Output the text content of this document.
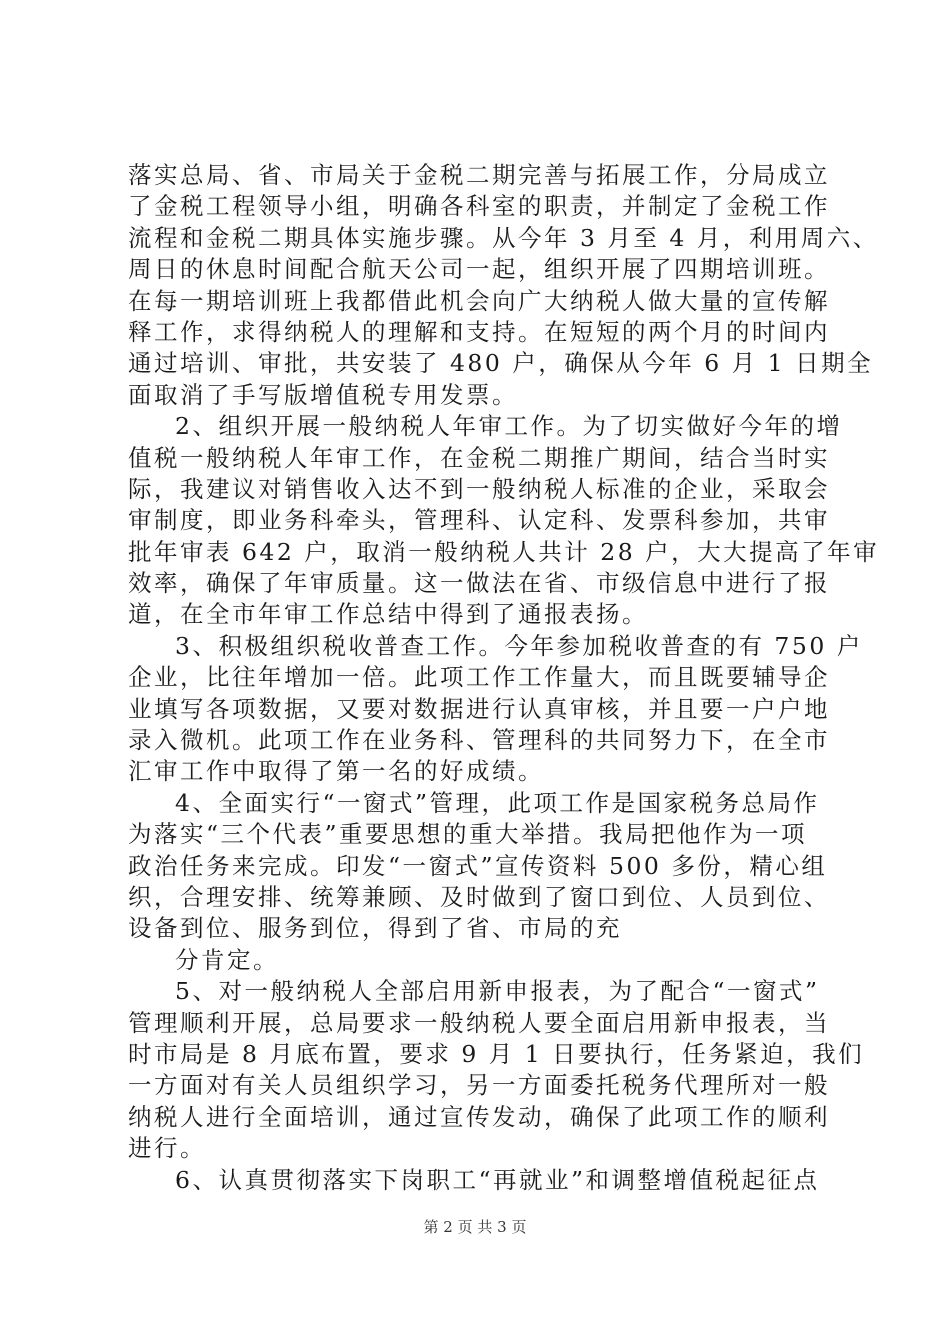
落实总局、省、市局关于金税二期完善与拓展工作，分局成立
了金税工程领导小组，明确各科室的职责，并制定了金税工作
流程和金税二期具体实施步骤。从今年 3 月至 4 月，利用周六、
周日的休息时间配合航天公司一起，组织开展了四期培训班。
在每一期培训班上我都借此机会向广大纳税人做大量的宣传解
释工作，求得纳税人的理解和支持。在短短的两个月的时间内
通过培训、审批，共安装了 480 户，确保从今年 6 月 1 日期全
面取消了手写版增值税专用发票。
2、组织开展一般纳税人年审工作。为了切实做好今年的增
值税一般纳税人年审工作，在金税二期推广期间，结合当时实
际，我建议对销售收入达不到一般纳税人标准的企业，采取会
审制度，即业务科牵头，管理科、认定科、发票科参加，共审
批年审表 642 户，取消一般纳税人共计 28 户，大大提高了年审
效率，确保了年审质量。这一做法在省、市级信息中进行了报
道，在全市年审工作总结中得到了通报表扬。
3、积极组织税收普查工作。今年参加税收普查的有 750 户
企业，比往年增加一倍。此项工作工作量大，而且既要辅导企
业填写各项数据，又要对数据进行认真审核，并且要一户户地
录入微机。此项工作在业务科、管理科的共同努力下，在全市
汇审工作中取得了第一名的好成绩。
4、全面实行“一窗式”管理，此项工作是国家税务总局作
为落实“三个代表”重要思想的重大举措。我局把他作为一项
政治任务来完成。印发“一窗式”宣传资料 500 多份，精心组
织，合理安排、统筹兼顾、及时做到了窗口到位、人员到位、
设备到位、服务到位，得到了省、市局的充
分肯定。
5、对一般纳税人全部启用新申报表，为了配合“一窗式”
管理顺利开展，总局要求一般纳税人要全面启用新申报表，当
时市局是 8 月底布置，要求 9 月 1 日要执行，任务紧迫，我们
一方面对有关人员组织学习，另一方面委托税务代理所对一般
纳税人进行全面培训，通过宣传发动，确保了此项工作的顺利
进行。
6、认真贯彻落实下岗职工“再就业”和调整增值税起征点
第 2 页 共 3 页
